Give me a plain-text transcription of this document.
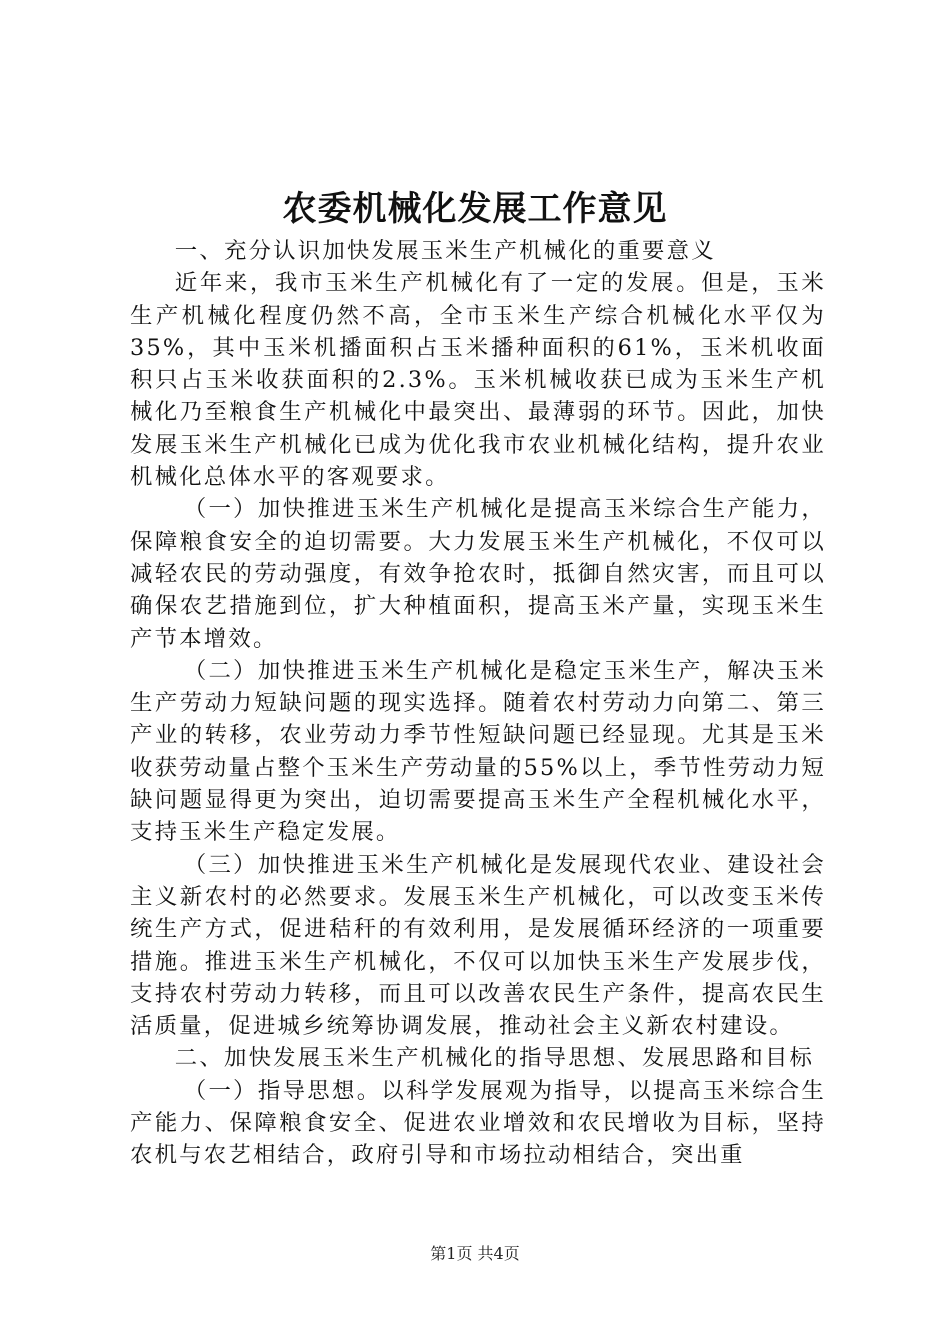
农委机械化发展工作意见

一、充分认识加快发展玉米生产机械化的重要意义

近年来，我市玉米生产机械化有了一定的发展。但是，玉米生产机械化程度仍然不高，全市玉米生产综合机械化水平仅为35%，其中玉米机播面积占玉米播种面积的61%，玉米机收面积只占玉米收获面积的2.3%。玉米机械收获已成为玉米生产机械化乃至粮食生产机械化中最突出、最薄弱的环节。因此，加快发展玉米生产机械化已成为优化我市农业机械化结构，提升农业机械化总体水平的客观要求。

（一）加快推进玉米生产机械化是提高玉米综合生产能力，保障粮食安全的迫切需要。大力发展玉米生产机械化，不仅可以减轻农民的劳动强度，有效争抢农时，抵御自然灾害，而且可以确保农艺措施到位，扩大种植面积，提高玉米产量，实现玉米生产节本增效。

（二）加快推进玉米生产机械化是稳定玉米生产，解决玉米生产劳动力短缺问题的现实选择。随着农村劳动力向第二、第三产业的转移，农业劳动力季节性短缺问题已经显现。尤其是玉米收获劳动量占整个玉米生产劳动量的55%以上，季节性劳动力短缺问题显得更为突出，迫切需要提高玉米生产全程机械化水平，支持玉米生产稳定发展。

（三）加快推进玉米生产机械化是发展现代农业、建设社会主义新农村的必然要求。发展玉米生产机械化，可以改变玉米传统生产方式，促进秸秆的有效利用，是发展循环经济的一项重要措施。推进玉米生产机械化，不仅可以加快玉米生产发展步伐，支持农村劳动力转移，而且可以改善农民生产条件，提高农民生活质量，促进城乡统筹协调发展，推动社会主义新农村建设。

二、加快发展玉米生产机械化的指导思想、发展思路和目标

（一）指导思想。以科学发展观为指导，以提高玉米综合生产能力、保障粮食安全、促进农业增效和农民增收为目标，坚持农机与农艺相结合，政府引导和市场拉动相结合，突出重

第1页 共4页
